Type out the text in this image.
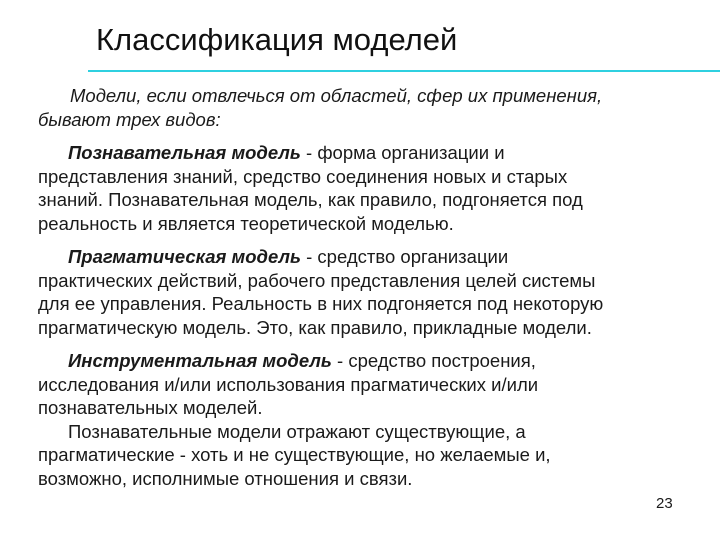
Классификация моделей

Модели, если отвлечься от областей, сфер их применения,
бывают трех видов:

Познавательная модель - форма организации и
представления знаний, средство соединения новых и старых
знаний. Познавательная модель, как правило, подгоняется под
реальность и является теоретической моделью.

Прагматическая модель - средство организации
практических действий, рабочего представления целей системы
для ее управления. Реальность в них подгоняется под некоторую
прагматическую модель. Это, как правило, прикладные модели.

Инструментальная модель - средство построения,
исследования и/или использования прагматических и/или
познавательных моделей.
Познавательные модели отражают существующие, а
прагматические - хоть и не существующие, но желаемые и,
возможно, исполнимые отношения и связи.

23
